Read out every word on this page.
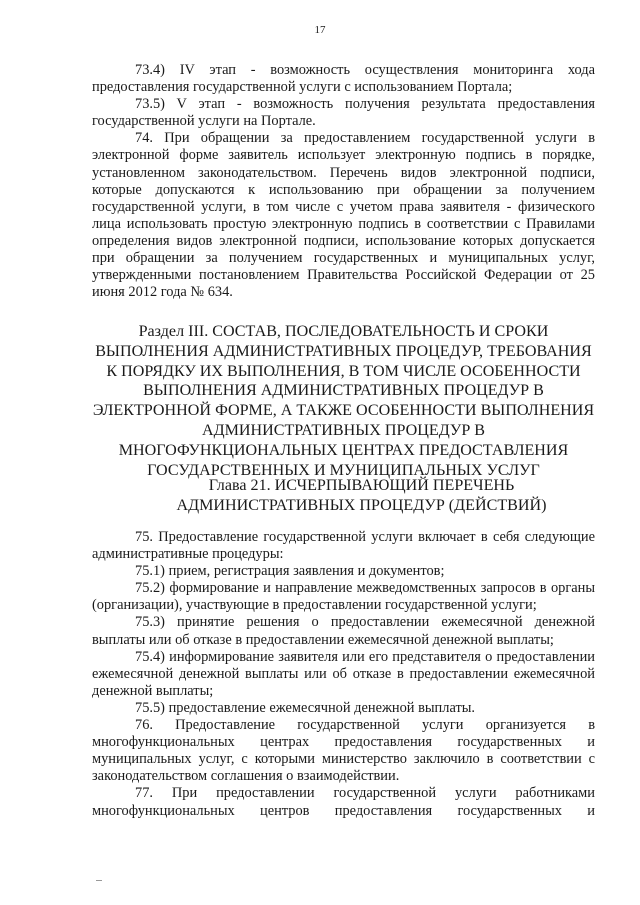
17

73.4) IV этап - возможность осуществления мониторинга хода предоставления государственной услуги с использованием Портала;

73.5) V этап - возможность получения результата предоставления государственной услуги на Портале.

74. При обращении за предоставлением государственной услуги в электронной форме заявитель использует электронную подпись в порядке, установленном законодательством. Перечень видов электронной подписи, которые допускаются к использованию при обращении за получением государственной услуги, в том числе с учетом права заявителя - физического лица использовать простую электронную подпись в соответствии с Правилами определения видов электронной подписи, использование которых допускается при обращении за получением государственных и муниципальных услуг, утвержденными постановлением Правительства Российской Федерации от 25 июня 2012 года № 634.

Раздел III. СОСТАВ, ПОСЛЕДОВАТЕЛЬНОСТЬ И СРОКИ ВЫПОЛНЕНИЯ АДМИНИСТРАТИВНЫХ ПРОЦЕДУР, ТРЕБОВАНИЯ К ПОРЯДКУ ИХ ВЫПОЛНЕНИЯ, В ТОМ ЧИСЛЕ ОСОБЕННОСТИ ВЫПОЛНЕНИЯ АДМИНИСТРАТИВНЫХ ПРОЦЕДУР В ЭЛЕКТРОННОЙ ФОРМЕ, А ТАКЖЕ ОСОБЕННОСТИ ВЫПОЛНЕНИЯ АДМИНИСТРАТИВНЫХ ПРОЦЕДУР В МНОГОФУНКЦИОНАЛЬНЫХ ЦЕНТРАХ ПРЕДОСТАВЛЕНИЯ ГОСУДАРСТВЕННЫХ И МУНИЦИПАЛЬНЫХ УСЛУГ
Глава 21. ИСЧЕРПЫВАЮЩИЙ ПЕРЕЧЕНЬ АДМИНИСТРАТИВНЫХ ПРОЦЕДУР (ДЕЙСТВИЙ)

75. Предоставление государственной услуги включает в себя следующие административные процедуры:

75.1) прием, регистрация заявления и документов;

75.2) формирование и направление межведомственных запросов в органы (организации), участвующие в предоставлении государственной услуги;

75.3) принятие решения о предоставлении ежемесячной денежной выплаты или об отказе в предоставлении ежемесячной денежной выплаты;

75.4) информирование заявителя или его представителя о предоставлении ежемесячной денежной выплаты или об отказе в предоставлении ежемесячной денежной выплаты;

75.5) предоставление ежемесячной денежной выплаты.

76. Предоставление государственной услуги организуется в многофункциональных центрах предоставления государственных и муниципальных услуг, с которыми министерство заключило в соответствии с законодательством соглашения о взаимодействии.

77. При предоставлении государственной услуги работниками многофункциональных центров предоставления государственных и
